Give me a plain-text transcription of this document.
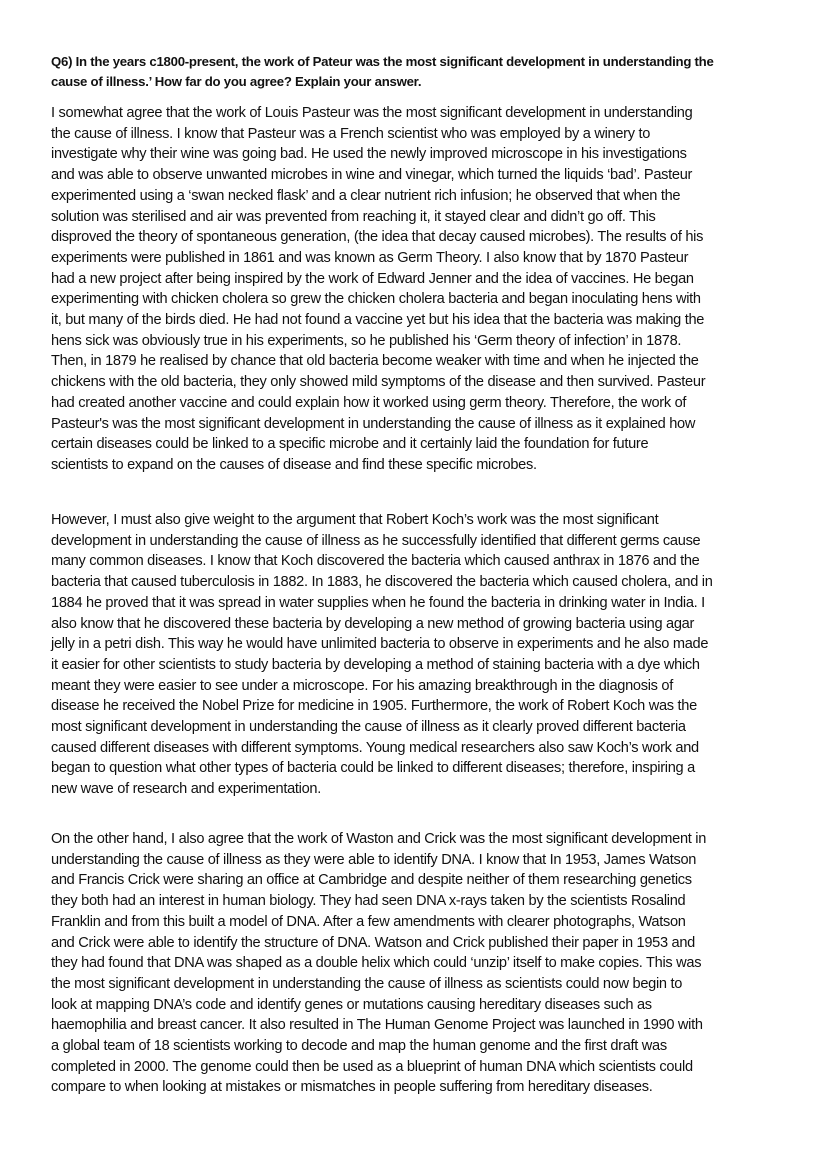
Q6) In the years c1800-present, the work of Pateur was the most significant development in understanding the
cause of illness.’ How far do you agree? Explain your answer.
I somewhat agree that the work of Louis Pasteur was the most significant development in understanding
the cause of illness. I know that Pasteur was a French scientist who was employed by a winery to
investigate why their wine was going bad. He used the newly improved microscope in his investigations
and was able to observe unwanted microbes in wine and vinegar, which turned the liquids ‘bad’. Pasteur
experimented using a ‘swan necked flask’ and a clear nutrient rich infusion; he observed that when the
solution was sterilised and air was prevented from reaching it, it stayed clear and didn’t go off. This
disproved the theory of spontaneous generation, (the idea that decay caused microbes). The results of his
experiments were published in 1861 and was known as Germ Theory. I also know that by 1870 Pasteur
had a new project after being inspired by the work of Edward Jenner and the idea of vaccines. He began
experimenting with chicken cholera so grew the chicken cholera bacteria and began inoculating hens with
it, but many of the birds died. He had not found a vaccine yet but his idea that the bacteria was making the
hens sick was obviously true in his experiments, so he published his ‘Germ theory of infection’ in 1878.
Then, in 1879 he realised by chance that old bacteria become weaker with time and when he injected the
chickens with the old bacteria, they only showed mild symptoms of the disease and then survived. Pasteur
had created another vaccine and could explain how it worked using germ theory. Therefore, the work of
Pasteur's was the most significant development in understanding the cause of illness as it explained how
certain diseases could be linked to a specific microbe and it certainly laid the foundation for future
scientists to expand on the causes of disease and find these specific microbes.
However, I must also give weight to the argument that Robert Koch’s work was the most significant
development in understanding the cause of illness as he successfully identified that different germs cause
many common diseases. I know that Koch discovered the bacteria which caused anthrax in 1876 and the
bacteria that caused tuberculosis in 1882. In 1883, he discovered the bacteria which caused cholera, and in
1884 he proved that it was spread in water supplies when he found the bacteria in drinking water in India. I
also know that he discovered these bacteria by developing a new method of growing bacteria using agar
jelly in a petri dish. This way he would have unlimited bacteria to observe in experiments and he also made
it easier for other scientists to study bacteria by developing a method of staining bacteria with a dye which
meant they were easier to see under a microscope. For his amazing breakthrough in the diagnosis of
disease he received the Nobel Prize for medicine in 1905. Furthermore, the work of Robert Koch was the
most significant development in understanding the cause of illness as it clearly proved different bacteria
caused different diseases with different symptoms. Young medical researchers also saw Koch’s work and
began to question what other types of bacteria could be linked to different diseases; therefore, inspiring a
new wave of research and experimentation.
On the other hand, I also agree that the work of Waston and Crick was the most significant development in
understanding the cause of illness as they were able to identify DNA. I know that In 1953, James Watson
and Francis Crick were sharing an office at Cambridge and despite neither of them researching genetics
they both had an interest in human biology. They had seen DNA x-rays taken by the scientists Rosalind
Franklin and from this built a model of DNA. After a few amendments with clearer photographs, Watson
and Crick were able to identify the structure of DNA. Watson and Crick published their paper in 1953 and
they had found that DNA was shaped as a double helix which could ‘unzip’ itself to make copies. This was
the most significant development in understanding the cause of illness as scientists could now begin to
look at mapping DNA’s code and identify genes or mutations causing hereditary diseases such as
haemophilia and breast cancer. It also resulted in The Human Genome Project was launched in 1990 with
a global team of 18 scientists working to decode and map the human genome and the first draft was
completed in 2000. The genome could then be used as a blueprint of human DNA which scientists could
compare to when looking at mistakes or mismatches in people suffering from hereditary diseases.
